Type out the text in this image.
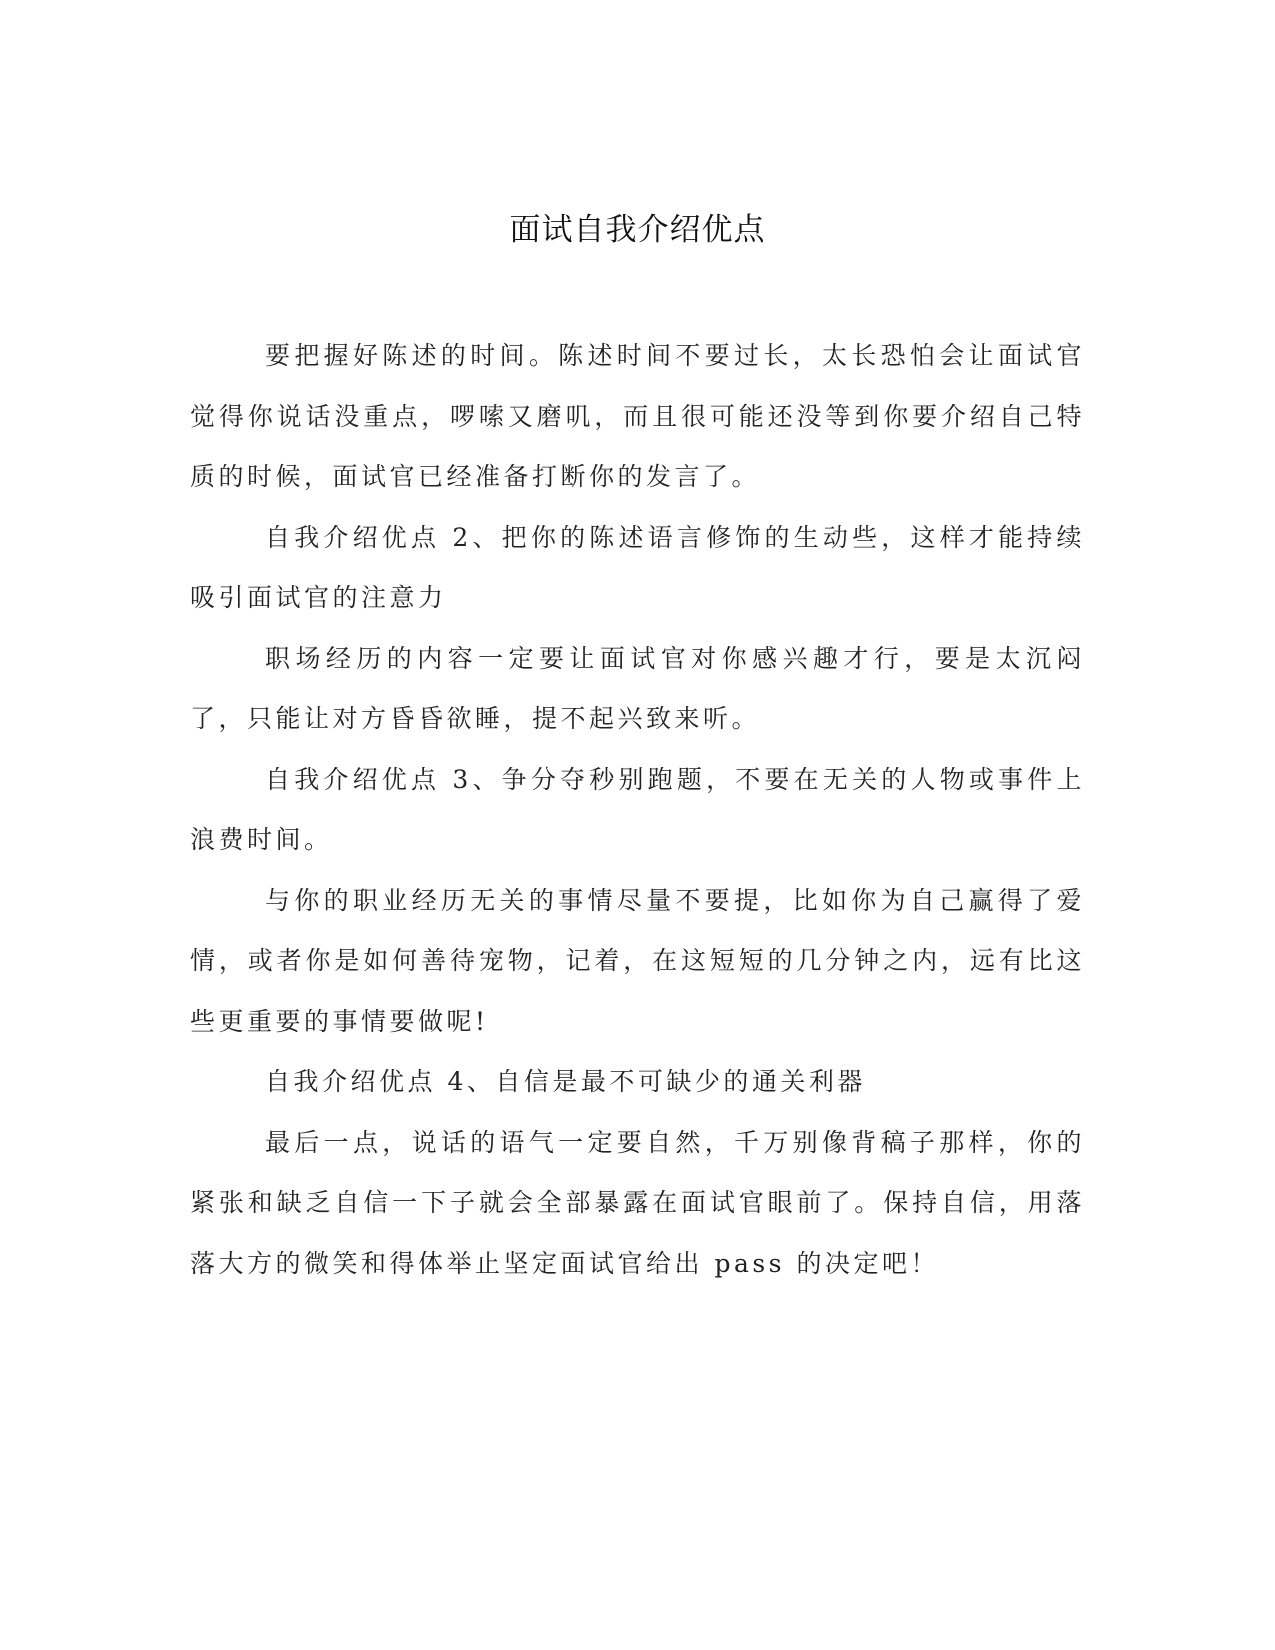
面试自我介绍优点

要把握好陈述的时间。陈述时间不要过长，太长恐怕会让面试官觉得你说话没重点，啰嗦又磨叽，而且很可能还没等到你要介绍自己特质的时候，面试官已经准备打断你的发言了。

自我介绍优点 2、把你的陈述语言修饰的生动些，这样才能持续吸引面试官的注意力

职场经历的内容一定要让面试官对你感兴趣才行，要是太沉闷了，只能让对方昏昏欲睡，提不起兴致来听。

自我介绍优点 3、争分夺秒别跑题，不要在无关的人物或事件上浪费时间。

与你的职业经历无关的事情尽量不要提，比如你为自己赢得了爱情，或者你是如何善待宠物，记着，在这短短的几分钟之内，远有比这些更重要的事情要做呢!

自我介绍优点 4、自信是最不可缺少的通关利器

最后一点，说话的语气一定要自然，千万别像背稿子那样，你的紧张和缺乏自信一下子就会全部暴露在面试官眼前了。保持自信，用落落大方的微笑和得体举止坚定面试官给出 pass 的决定吧！
